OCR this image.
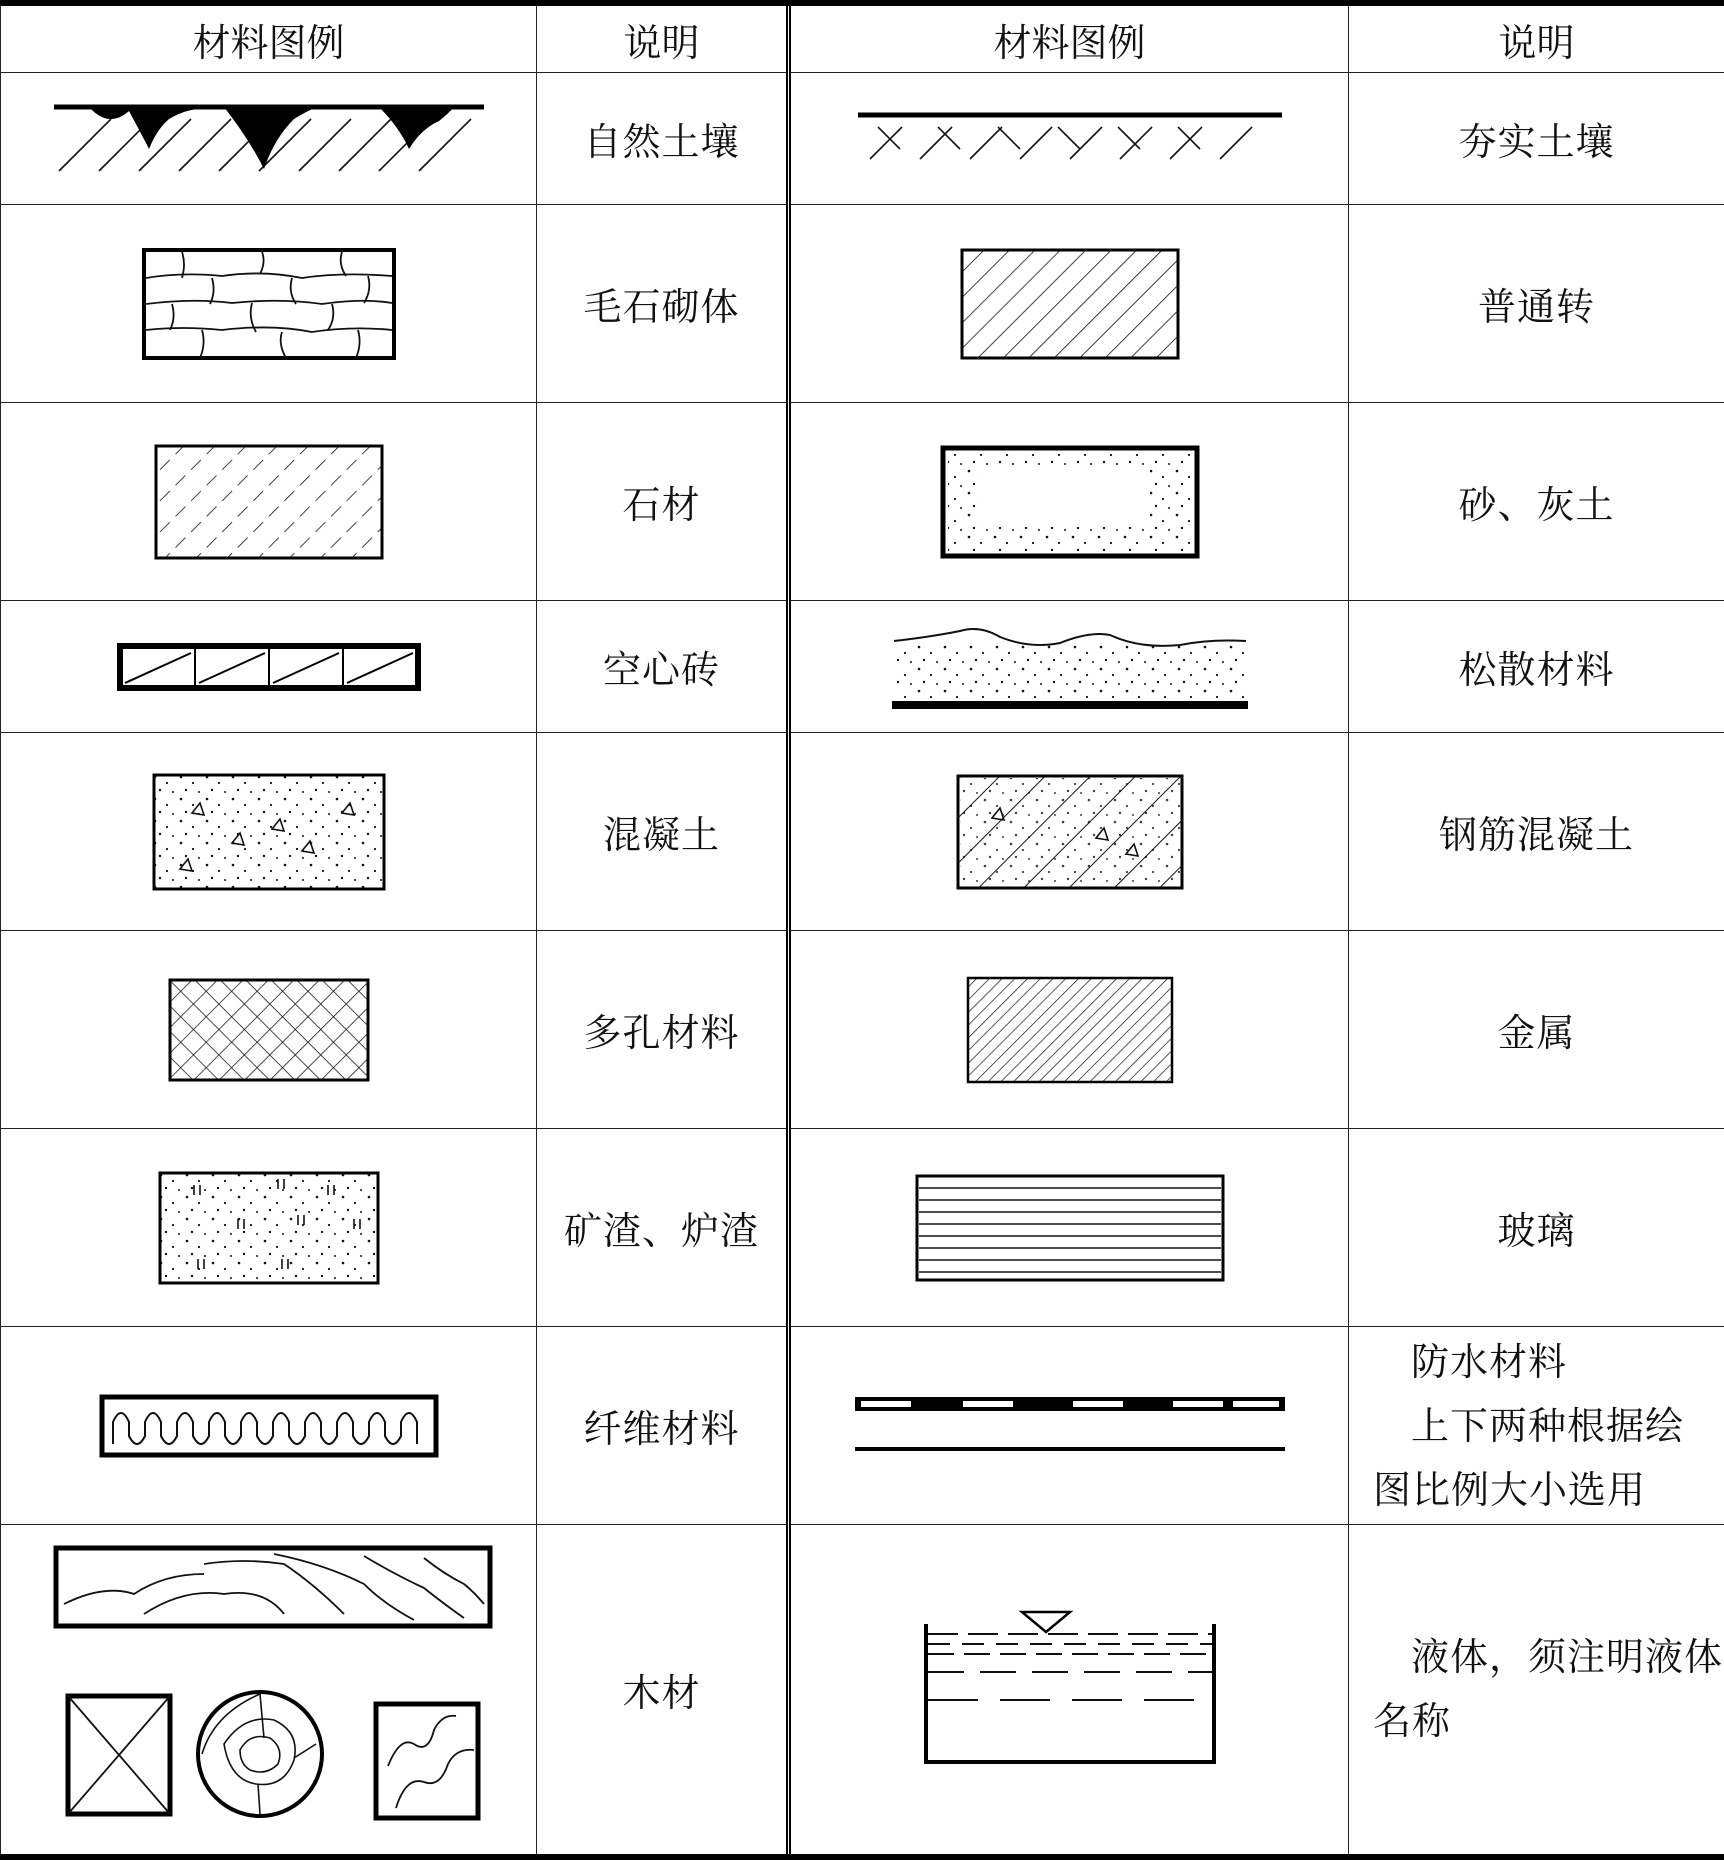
材料图例	说明	材料图例	说明

	自然土壤		夯实土壤

	毛石砌体		普通转

	石材		砂、灰土

	空心砖		松散材料

	混凝土		钢筋混凝土

	多孔材料		金属

	矿渣、炉渣		玻璃

	纤维材料		防水材料
上下两种根据绘
图比例大小选用

	木材		液体，须注明液体
名称
